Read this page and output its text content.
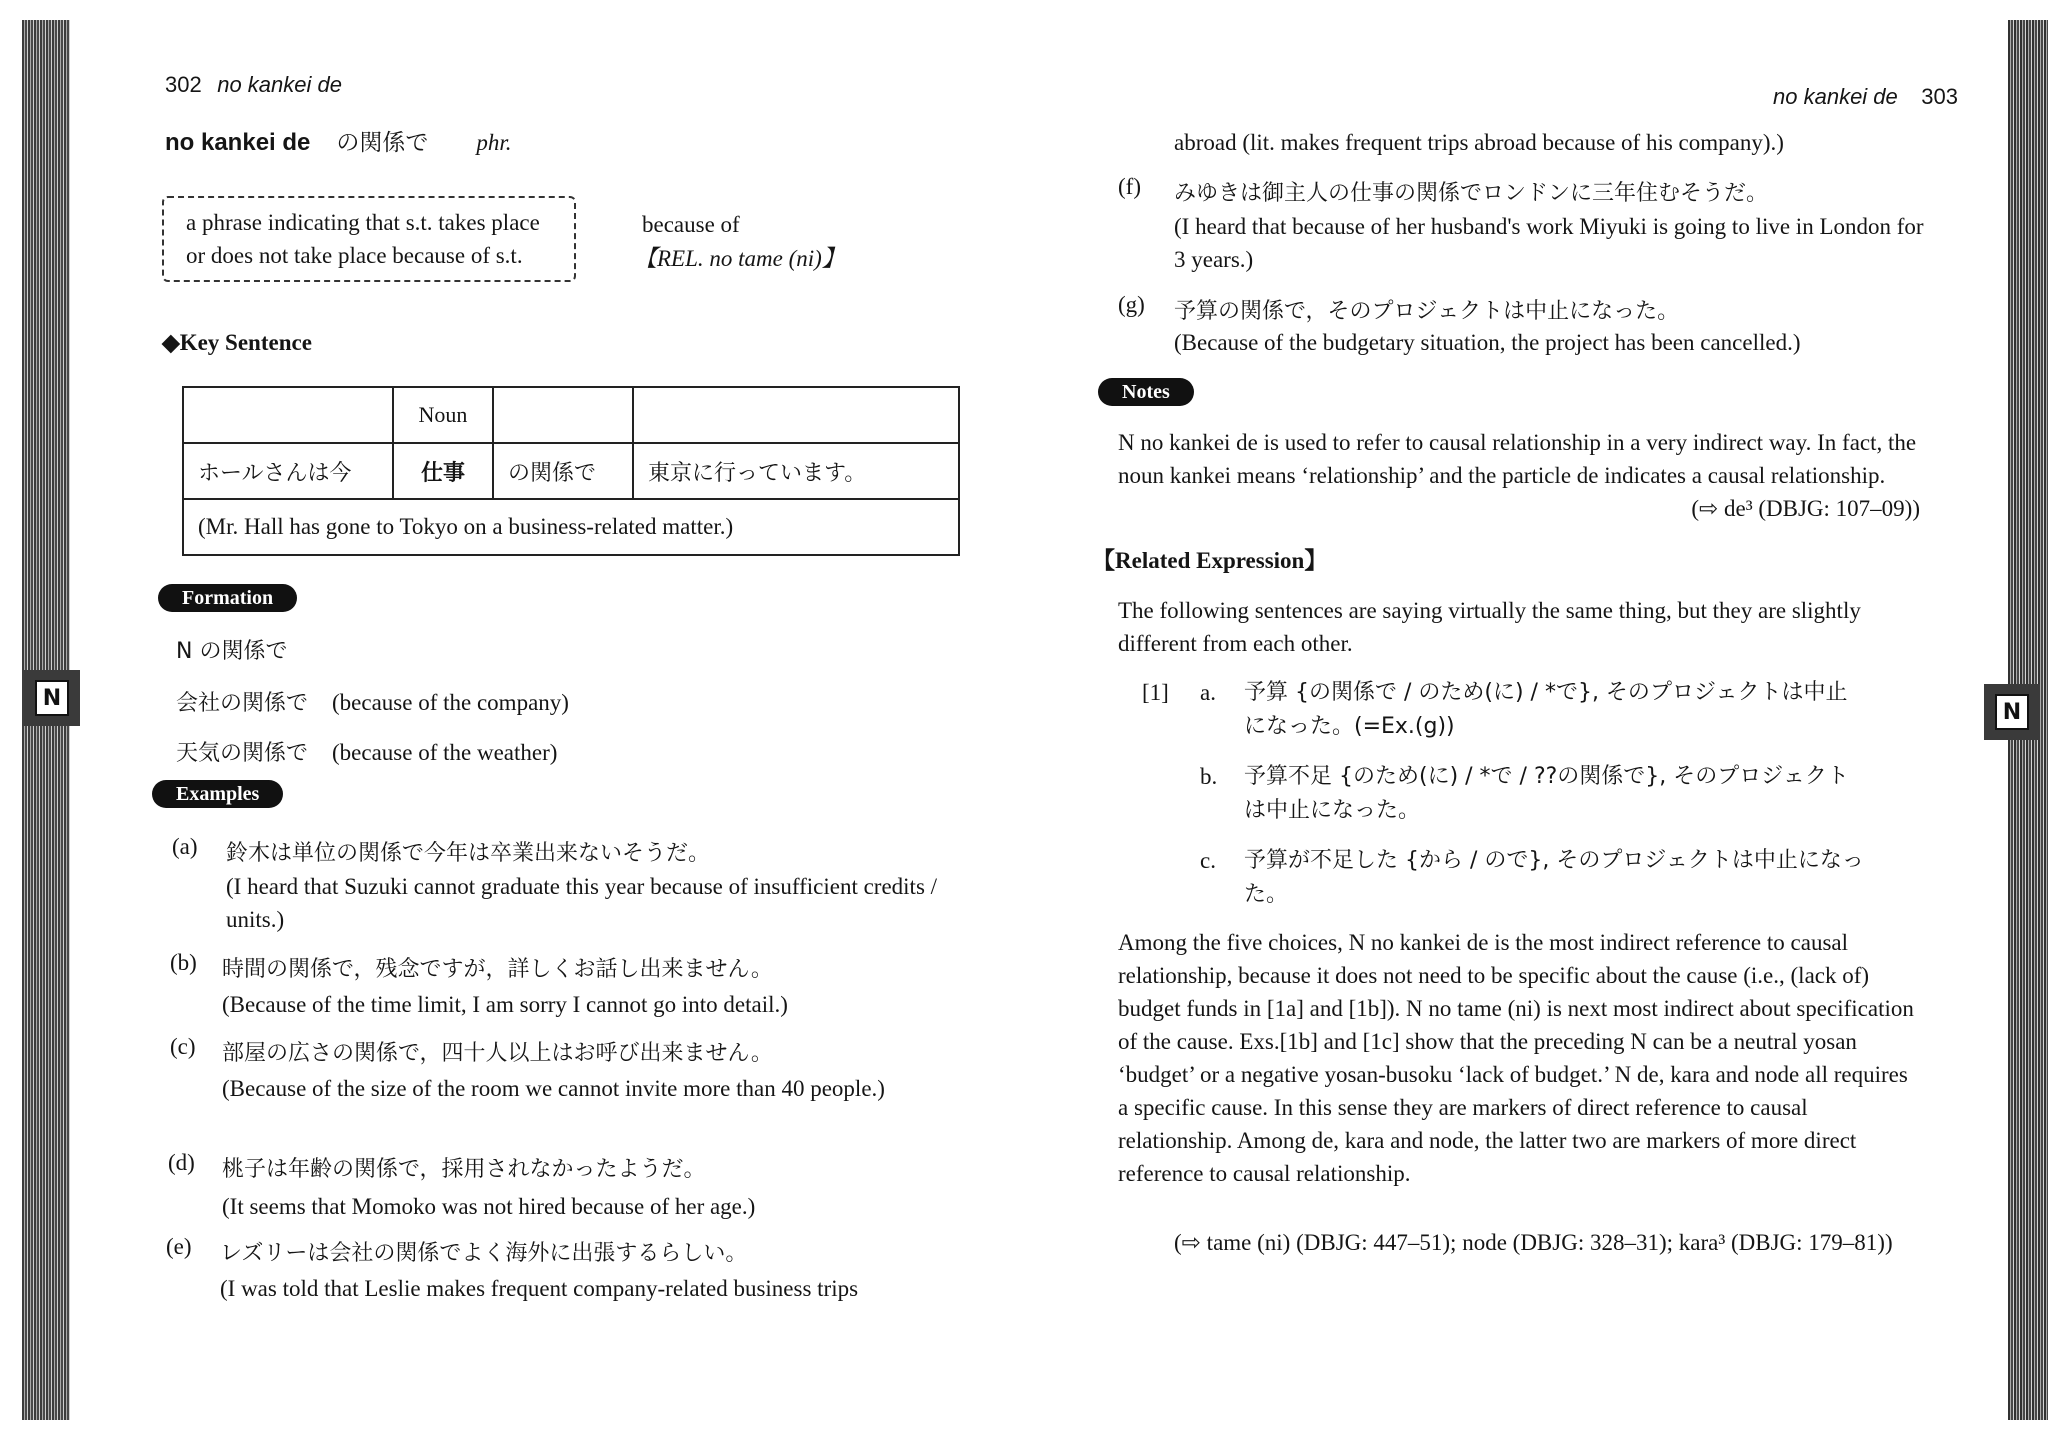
N
302 no kankei de
no kankei de の関係で phr.
a phrase indicating that s.t. takes place or does not take place because of s.t.
because of
【REL. no tame (ni)】
◆Key Sentence
	Noun		
ホールさんは今	仕事	の関係で	東京に行っています。
(Mr. Hall has gone to Tokyo on a business-related matter.)			
Formation
N の関係で
会社の関係で (because of the company)
天気の関係で (because of the weather)
Examples
(a) 鈴木は単位の関係で今年は卒業出来ないそうだ。
(I heard that Suzuki cannot graduate this year because of insufficient credits / units.)
(b) 時間の関係で，残念ですが，詳しくお話し出来ません。
(Because of the time limit, I am sorry I cannot go into detail.)
(c) 部屋の広さの関係で，四十人以上はお呼び出来ません。
(Because of the size of the room we cannot invite more than 40 people.)
(d) 桃子は年齢の関係で，採用されなかったようだ。
(It seems that Momoko was not hired because of her age.)
(e) レズリーは会社の関係でよく海外に出張するらしい。
(I was told that Leslie makes frequent company-related business trips
N
no kankei de 303
abroad (lit. makes frequent trips abroad because of his company).)
(f) みゆきは御主人の仕事の関係でロンドンに三年住むそうだ。
(I heard that because of her husband's work Miyuki is going to live in London for 3 years.)
(g) 予算の関係で，そのプロジェクトは中止になった。
(Because of the budgetary situation, the project has been cancelled.)
Notes
N no kankei de is used to refer to causal relationship in a very indirect way. In fact, the noun kankei means ‘relationship’ and the particle de indicates a causal relationship.
(⇨ de³ (DBJG: 107–09))
【Related Expression】
The following sentences are saying virtually the same thing, but they are slightly different from each other.
[1] a. 予算 {の関係で / のため(に) / *で}, そのプロジェクトは中止になった。(=Ex.(g))
b. 予算不足 {のため(に) / *で / ??の関係で}, そのプロジェクトは中止になった。
c. 予算が不足した {から / ので}, そのプロジェクトは中止になった。
Among the five choices, N no kankei de is the most indirect reference to causal relationship, because it does not need to be specific about the cause (i.e., (lack of) budget funds in [1a] and [1b]). N no tame (ni) is next most indirect about specification of the cause. Exs.[1b] and [1c] show that the preceding N can be a neutral yosan ‘budget’ or a negative yosan-busoku ‘lack of budget.’ N de, kara and node all requires a specific cause. In this sense they are markers of direct reference to causal relationship. Among de, kara and node, the latter two are markers of more direct reference to causal relationship.
(⇨ tame (ni) (DBJG: 447–51); node (DBJG: 328–31); kara³ (DBJG: 179–81))
